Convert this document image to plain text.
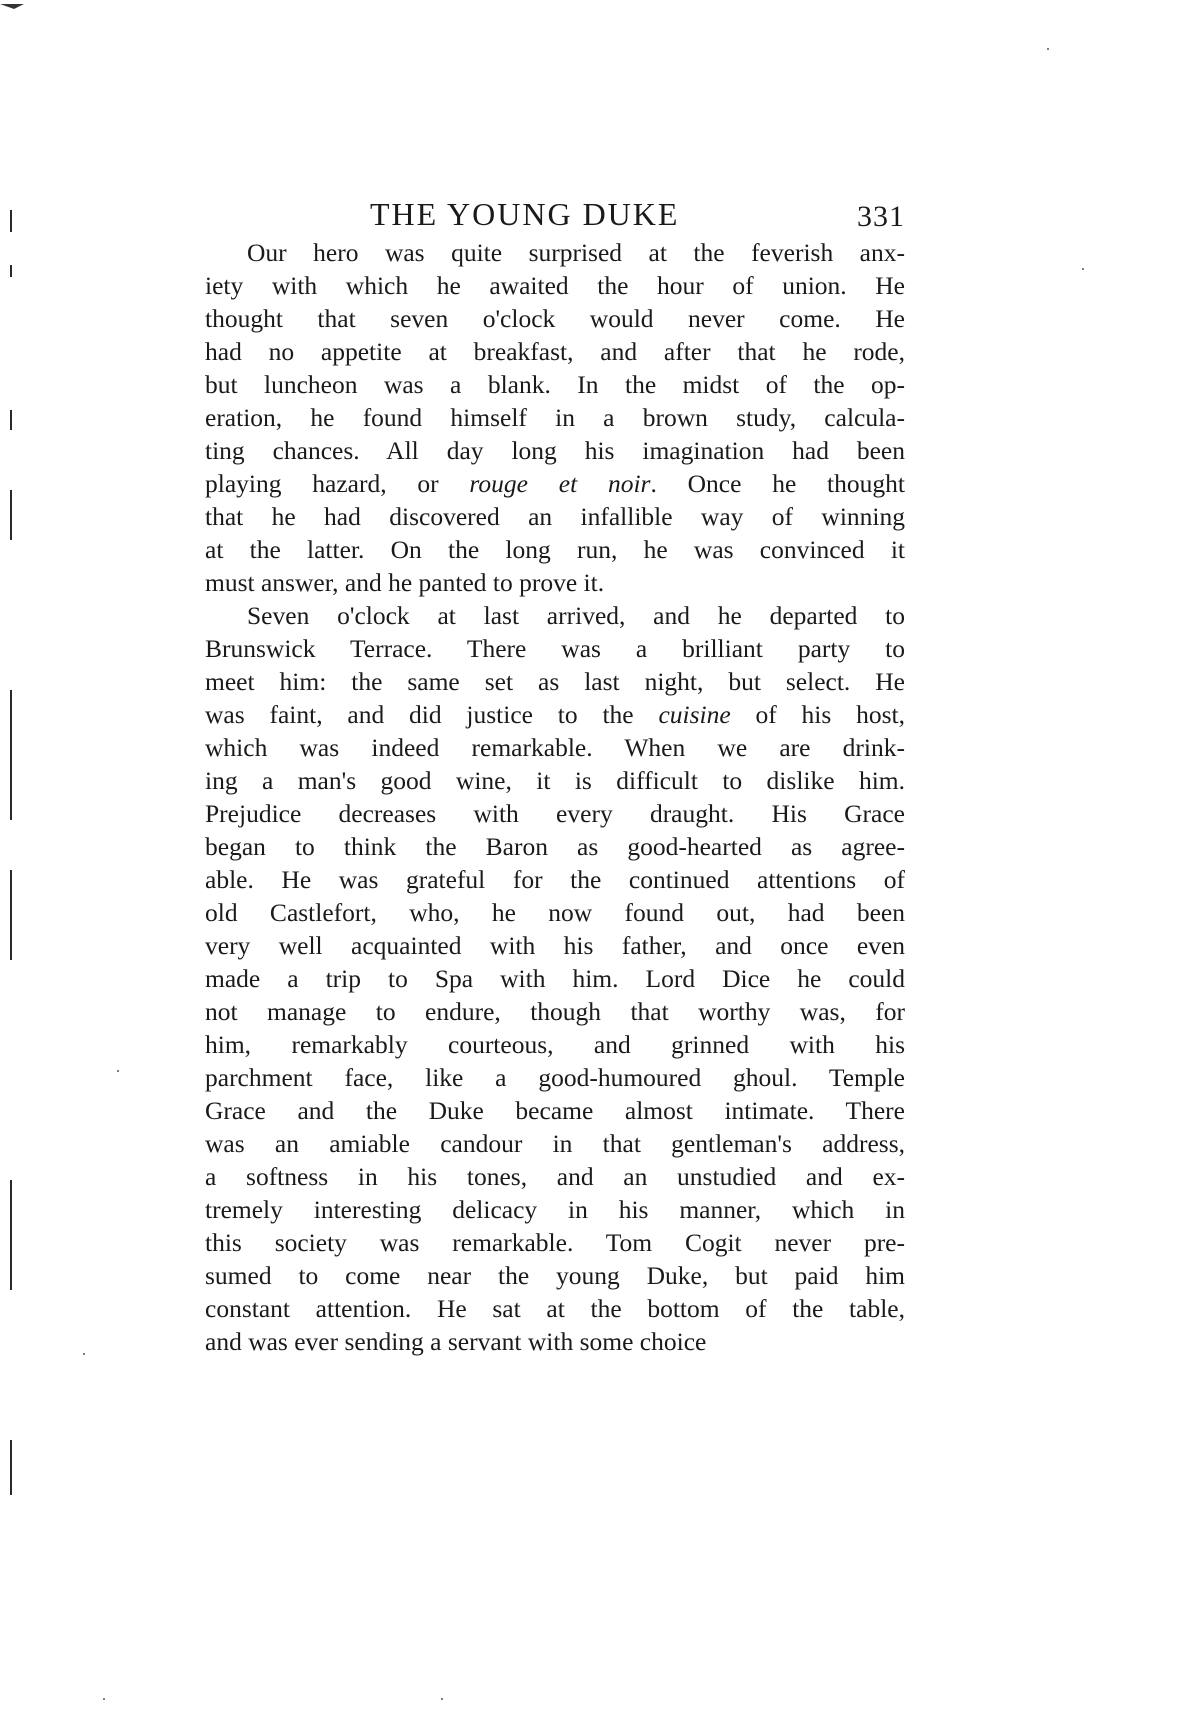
THE YOUNG DUKE	331
Our hero was quite surprised at the feverish anx-
iety with which he awaited the hour of union. He
thought that seven o'clock would never come. He
had no appetite at breakfast, and after that he rode,
but luncheon was a blank. In the midst of the op-
eration, he found himself in a brown study, calcula-
ting chances. All day long his imagination had been
playing hazard, or rouge et noir. Once he thought
that he had discovered an infallible way of winning
at the latter. On the long run, he was convinced it
must answer, and he panted to prove it.
Seven o'clock at last arrived, and he departed to
Brunswick Terrace. There was a brilliant party to
meet him: the same set as last night, but select. He
was faint, and did justice to the cuisine of his host,
which was indeed remarkable. When we are drink-
ing a man's good wine, it is difficult to dislike him.
Prejudice decreases with every draught. His Grace
began to think the Baron as good-hearted as agree-
able. He was grateful for the continued attentions of
old Castlefort, who, he now found out, had been
very well acquainted with his father, and once even
made a trip to Spa with him. Lord Dice he could
not manage to endure, though that worthy was, for
him, remarkably courteous, and grinned with his
parchment face, like a good-humoured ghoul. Temple
Grace and the Duke became almost intimate. There
was an amiable candour in that gentleman's address,
a softness in his tones, and an unstudied and ex-
tremely interesting delicacy in his manner, which in
this society was remarkable. Tom Cogit never pre-
sumed to come near the young Duke, but paid him
constant attention. He sat at the bottom of the table,
and was ever sending a servant with some choice
